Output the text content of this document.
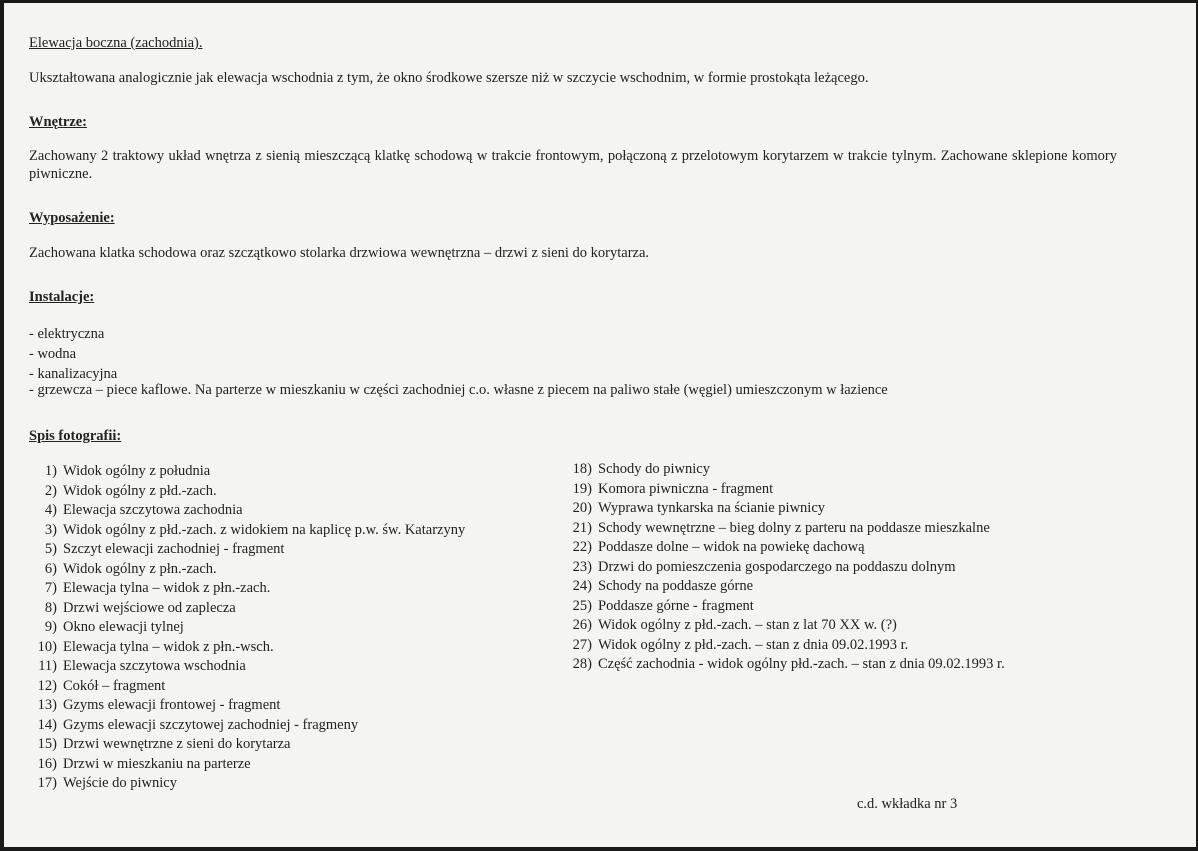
Elewacja boczna (zachodnia).
Ukształtowana analogicznie jak elewacja wschodnia z tym, że okno środkowe szersze niż w szczycie wschodnim, w formie prostokąta leżącego.
Wnętrze:
Zachowany 2 traktowy układ wnętrza z sienią mieszczącą klatkę schodową w trakcie frontowym, połączoną z przelotowym korytarzem w trakcie tylnym. Zachowane sklepione komory piwniczne.
Wyposażenie:
Zachowana klatka schodowa oraz szczątkowo stolarka drzwiowa wewnętrzna – drzwi z sieni do korytarza.
Instalacje:
- elektryczna
- wodna
- kanalizacyjna
- grzewcza – piece kaflowe. Na parterze w mieszkaniu w części zachodniej c.o. własne z piecem na paliwo stałe (węgiel) umieszczonym w łazience
Spis fotografii:
1) Widok ogólny z południa
2) Widok ogólny z płd.-zach.
4) Elewacja szczytowa zachodnia
3) Widok ogólny z płd.-zach. z widokiem na kaplicę p.w. św. Katarzyny
5) Szczyt elewacji zachodniej - fragment
6) Widok ogólny z płn.-zach.
7) Elewacja tylna – widok z płn.-zach.
8) Drzwi wejściowe od zaplecza
9) Okno elewacji tylnej
10) Elewacja tylna – widok z płn.-wsch.
11) Elewacja szczytowa wschodnia
12) Cokół – fragment
13) Gzyms elewacji frontowej - fragment
14) Gzyms elewacji szczytowej zachodniej - fragmeny
15) Drzwi wewnętrzne z sieni do korytarza
16) Drzwi w mieszkaniu na parterze
17) Wejście do piwnicy
18) Schody do piwnicy
19) Komora piwniczna - fragment
20) Wyprawa tynkarska na ścianie piwnicy
21) Schody wewnętrzne – bieg dolny z parteru na poddasze mieszkalne
22) Poddasze dolne – widok na powiekę dachową
23) Drzwi do pomieszczenia gospodarczego na poddaszu dolnym
24) Schody na poddasze górne
25) Poddasze górne - fragment
26) Widok ogólny z płd.-zach. – stan z lat 70 XX w. (?)
27) Widok ogólny z płd.-zach. – stan z dnia 09.02.1993 r.
28) Część zachodnia - widok ogólny płd.-zach. – stan z dnia 09.02.1993 r.
c.d. wkładka nr 3
